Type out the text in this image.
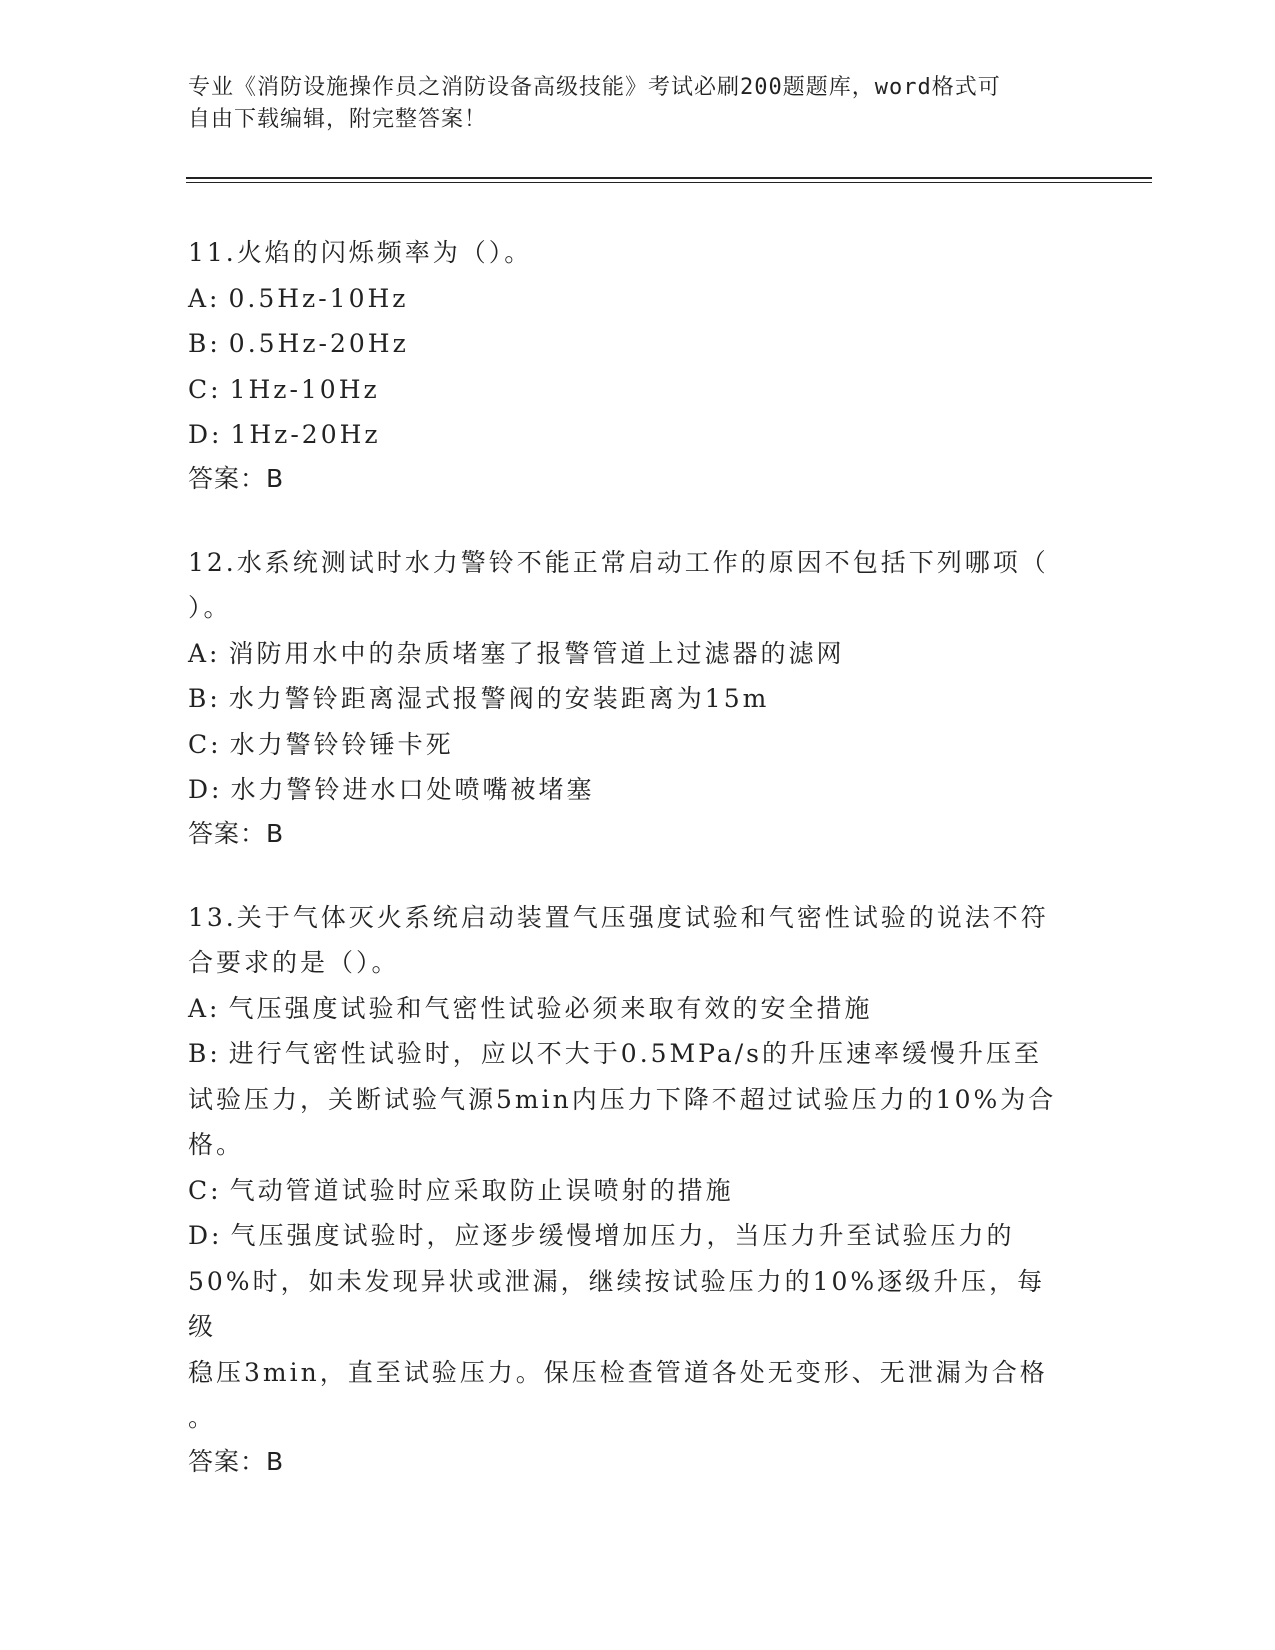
专业《消防设施操作员之消防设备高级技能》考试必刷200题题库，word格式可
自由下载编辑，附完整答案！

11.火焰的闪烁频率为（）。

A: 0.5Hz-10Hz

B: 0.5Hz-20Hz

C: 1Hz-10Hz

D: 1Hz-20Hz

答案：B

12.水系统测试时水力警铃不能正常启动工作的原因不包括下列哪项（

）。

A: 消防用水中的杂质堵塞了报警管道上过滤器的滤网

B: 水力警铃距离湿式报警阀的安装距离为15m

C: 水力警铃铃锤卡死

D: 水力警铃进水口处喷嘴被堵塞

答案：B

13.关于气体灭火系统启动装置气压强度试验和气密性试验的说法不符

合要求的是（）。

A: 气压强度试验和气密性试验必须来取有效的安全措施

B: 进行气密性试验时，应以不大于0.5MPa/s的升压速率缓慢升压至

试验压力，关断试验气源5min内压力下降不超过试验压力的10%为合

格。

C: 气动管道试验时应采取防止误喷射的措施

D: 气压强度试验时，应逐步缓慢增加压力，当压力升至试验压力的

50%时，如未发现异状或泄漏，继续按试验压力的10%逐级升压，每级

稳压3min，直至试验压力。保压检查管道各处无变形、无泄漏为合格

。

答案：B
